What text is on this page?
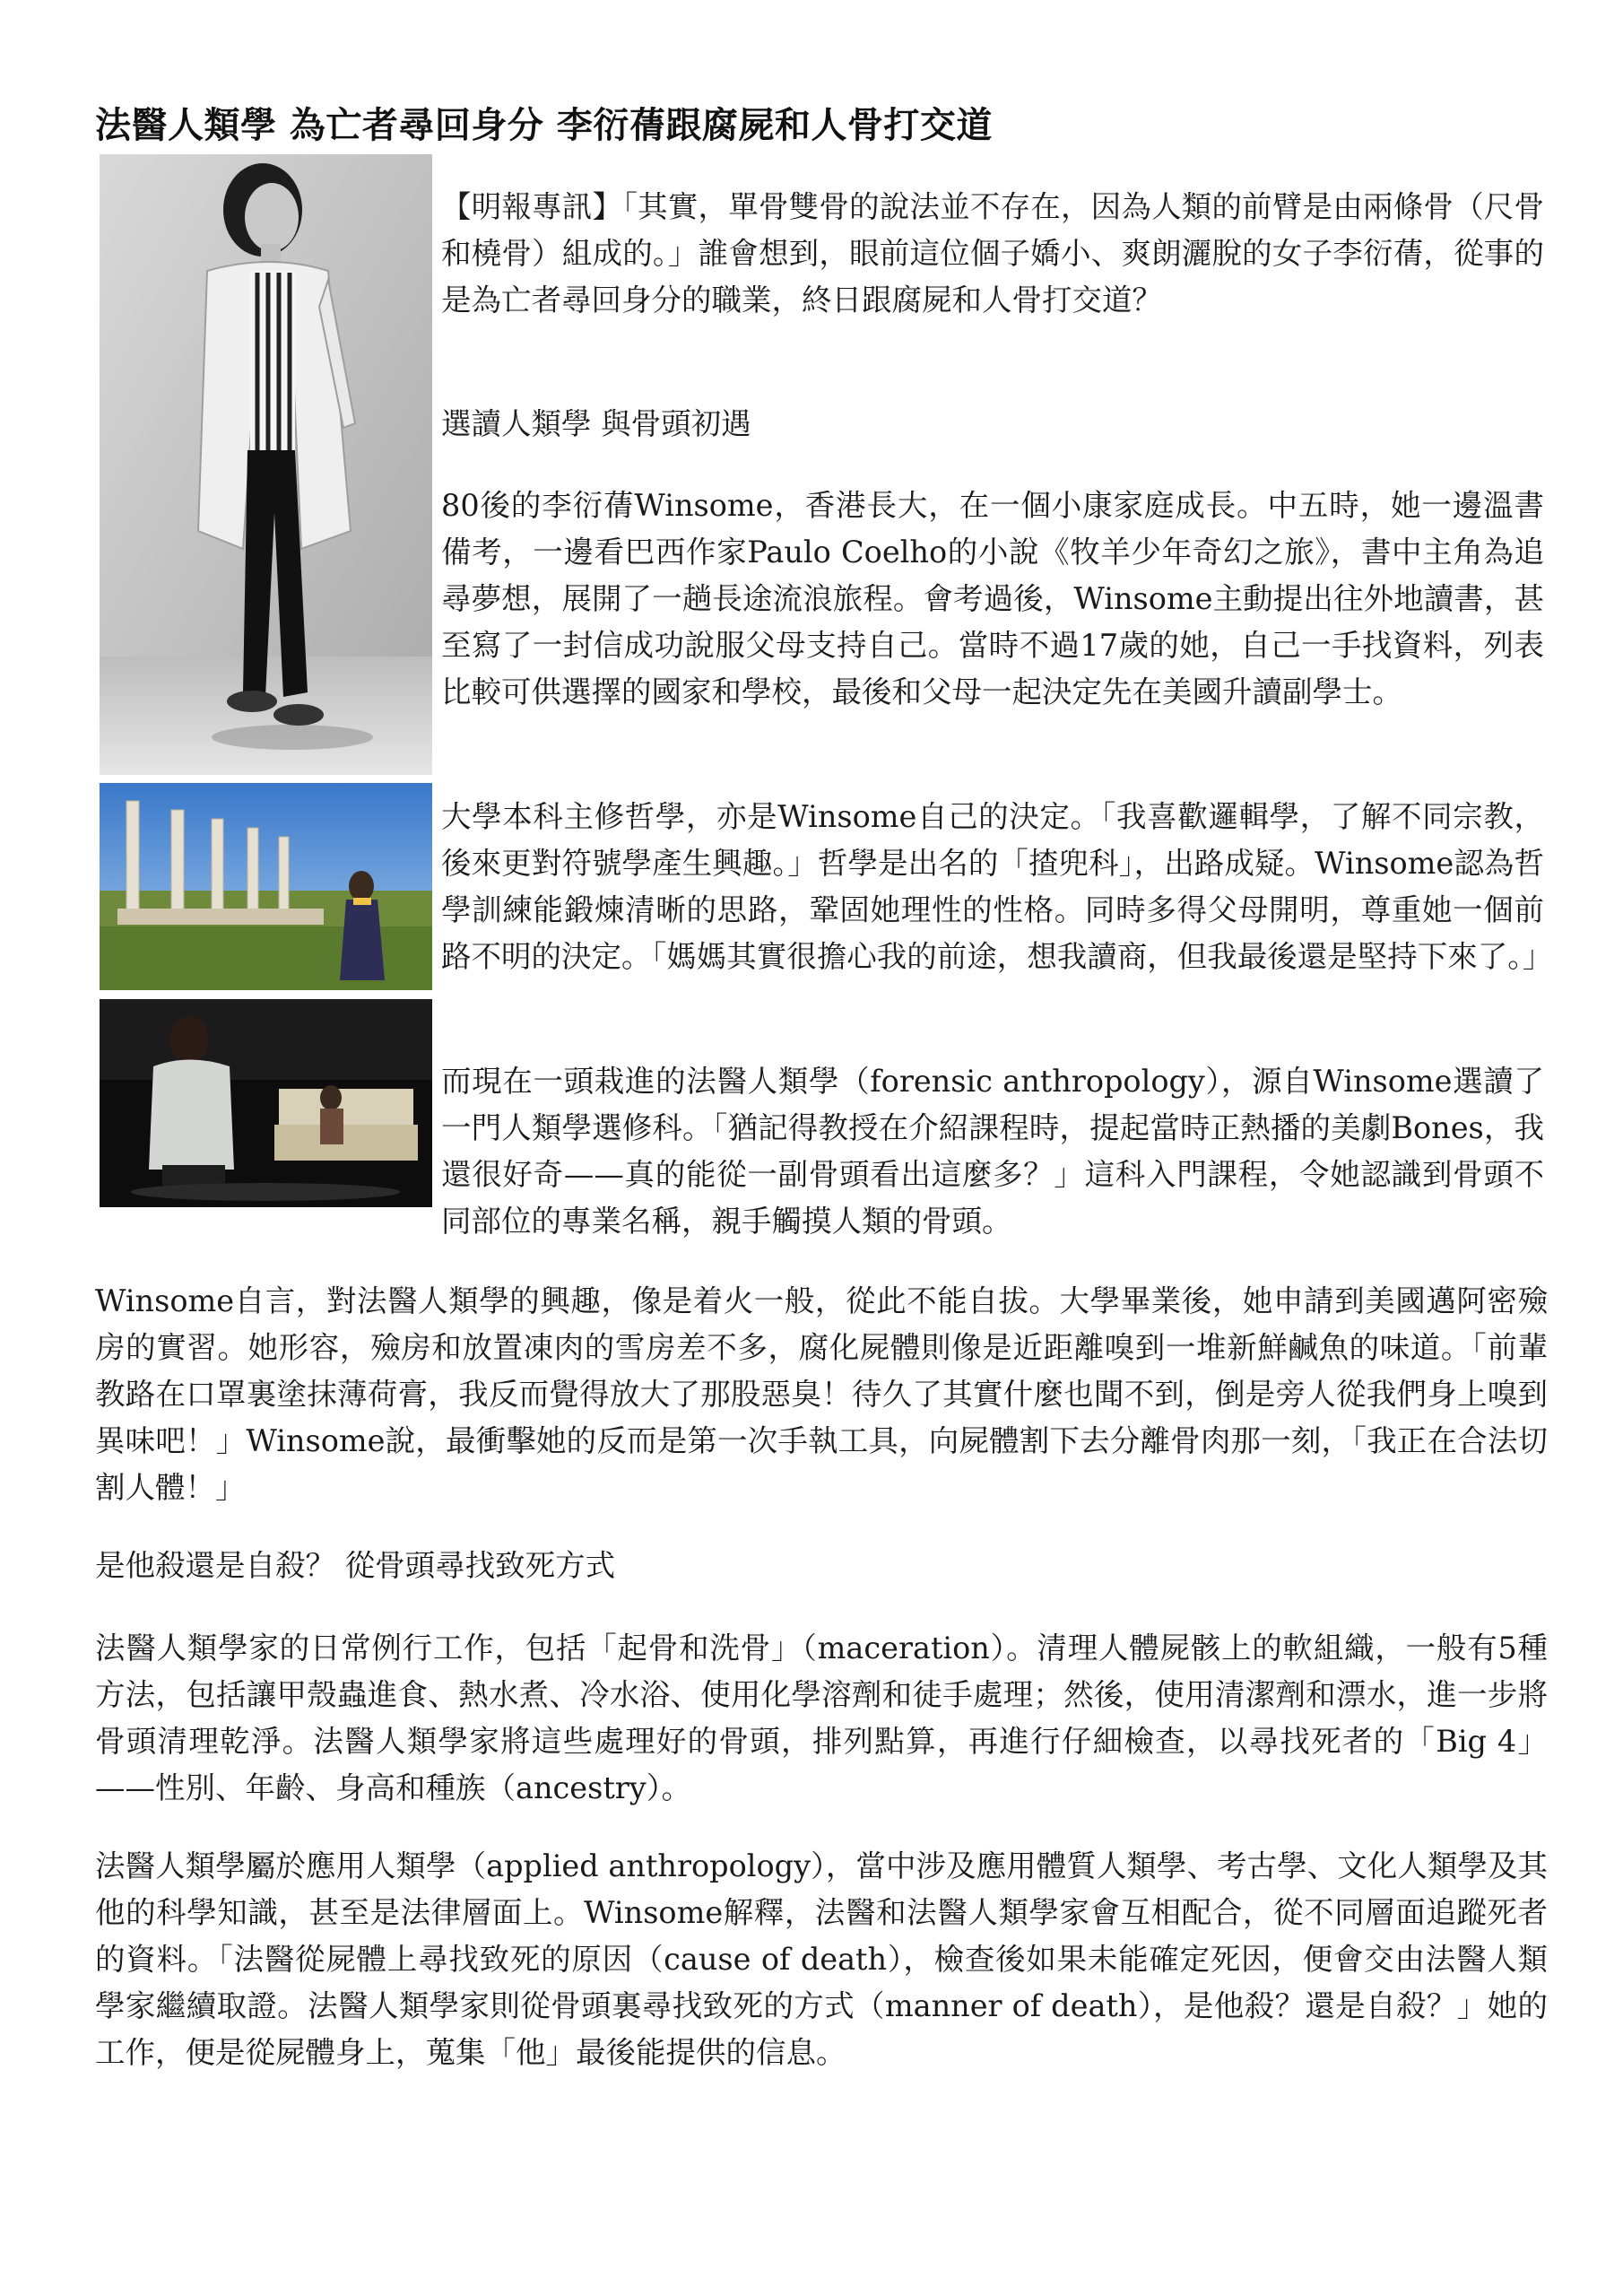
法醫人類學 為亡者尋回身分 李衍蒨跟腐屍和人骨打交道

【明報專訊】「其實，單骨雙骨的說法並不存在，因為人類的前臂是由兩條骨（尺骨和橈骨）組成的。」誰會想到，眼前這位個子嬌小、爽朗灑脫的女子李衍蒨，從事的是為亡者尋回身分的職業，終日跟腐屍和人骨打交道？

選讀人類學 與骨頭初遇

80後的李衍蒨Winsome，香港長大，在一個小康家庭成長。中五時，她一邊溫書備考，一邊看巴西作家Paulo Coelho的小說《牧羊少年奇幻之旅》，書中主角為追尋夢想，展開了一趟長途流浪旅程。會考過後，Winsome主動提出往外地讀書，甚至寫了一封信成功說服父母支持自己。當時不過17歲的她，自己一手找資料，列表比較可供選擇的國家和學校，最後和父母一起決定先在美國升讀副學士。

大學本科主修哲學，亦是Winsome自己的決定。「我喜歡邏輯學，了解不同宗教，後來更對符號學產生興趣。」哲學是出名的「揸兜科」，出路成疑。Winsome認為哲學訓練能鍛煉清晰的思路，鞏固她理性的性格。同時多得父母開明，尊重她一個前路不明的決定。「媽媽其實很擔心我的前途，想我讀商，但我最後還是堅持下來了。」

而現在一頭栽進的法醫人類學（forensic anthropology），源自Winsome選讀了一門人類學選修科。「猶記得教授在介紹課程時，提起當時正熱播的美劇Bones，我還很好奇——真的能從一副骨頭看出這麼多？」這科入門課程，令她認識到骨頭不同部位的專業名稱，親手觸摸人類的骨頭。

Winsome自言，對法醫人類學的興趣，像是着火一般，從此不能自拔。大學畢業後，她申請到美國邁阿密殮房的實習。她形容，殮房和放置凍肉的雪房差不多，腐化屍體則像是近距離嗅到一堆新鮮鹹魚的味道。「前輩教路在口罩裏塗抹薄荷膏，我反而覺得放大了那股惡臭！待久了其實什麼也聞不到，倒是旁人從我們身上嗅到異味吧！」Winsome說，最衝擊她的反而是第一次手執工具，向屍體割下去分離骨肉那一刻，「我正在合法切割人體！」

是他殺還是自殺？ 從骨頭尋找致死方式

法醫人類學家的日常例行工作，包括「起骨和洗骨」（maceration）。清理人體屍骸上的軟組織，一般有5種方法，包括讓甲殼蟲進食、熱水煮、冷水浴、使用化學溶劑和徒手處理；然後，使用清潔劑和漂水，進一步將骨頭清理乾淨。法醫人類學家將這些處理好的骨頭，排列點算，再進行仔細檢查，以尋找死者的「Big 4」——性別、年齡、身高和種族（ancestry）。

法醫人類學屬於應用人類學（applied anthropology），當中涉及應用體質人類學、考古學、文化人類學及其他的科學知識，甚至是法律層面上。Winsome解釋，法醫和法醫人類學家會互相配合，從不同層面追蹤死者的資料。「法醫從屍體上尋找致死的原因（cause of death），檢查後如果未能確定死因，便會交由法醫人類學家繼續取證。法醫人類學家則從骨頭裏尋找致死的方式（manner of death），是他殺？還是自殺？」她的工作，便是從屍體身上，蒐集「他」最後能提供的信息。
